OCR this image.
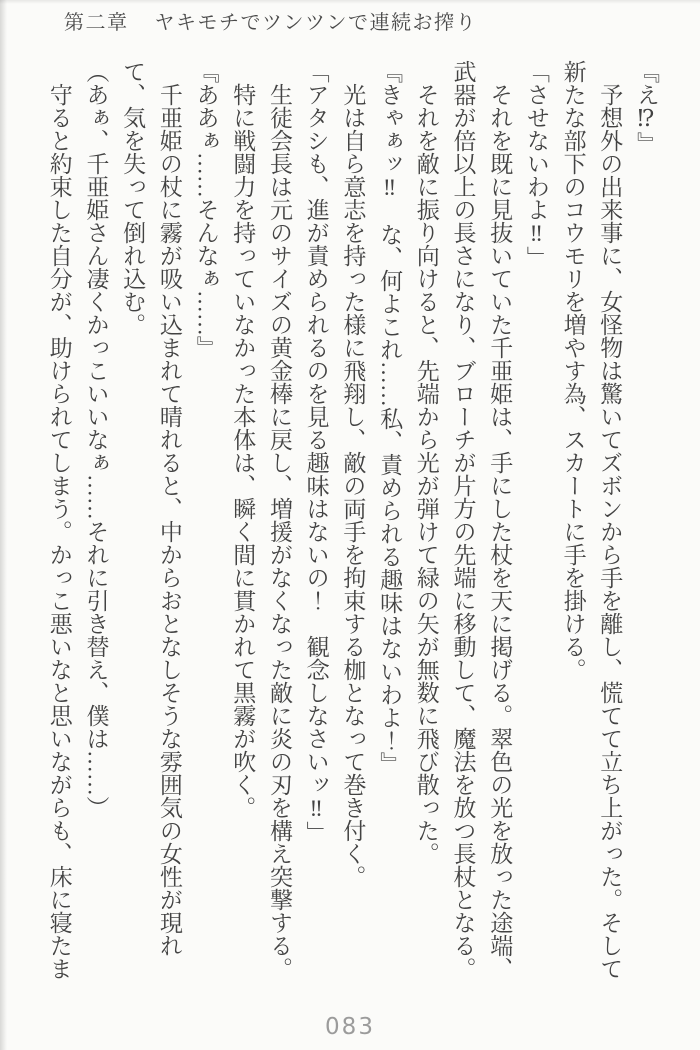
第二章 ヤキモチでツンツンで連続お搾り

『え⁉』

　予想外の出来事に、女怪物は驚いてズボンから手を離し、慌てて立ち上がった。そして新たな部下のコウモリを増やす為、スカートに手を掛ける。

「させないわよ‼」

　それを既に見抜いていた千亜姫は、手にした杖を天に掲げる。翠色の光を放った途端、武器が倍以上の長さになり、ブローチが片方の先端に移動して、魔法を放つ長杖となる。

　それを敵に振り向けると、先端から光が弾けて緑の矢が無数に飛び散った。

『きゃぁッ‼　な、何よこれ……私、責められる趣味はないわよ！』

　光は自ら意志を持った様に飛翔し、敵の両手を拘束する枷となって巻き付く。

「アタシも、進が責められるのを見る趣味はないの！　観念しなさいッ‼」

　生徒会長は元のサイズの黄金棒に戻し、増援がなくなった敵に炎の刃を構え突撃する。

　特に戦闘力を持っていなかった本体は、瞬く間に貫かれて黒霧が吹く。

『ああぁ……そんなぁ……』

　千亜姫の杖に霧が吸い込まれて晴れると、中からおとなしそうな雰囲気の女性が現れて、気を失って倒れ込む。

（あぁ、千亜姫さん凄くかっこいいなぁ……それに引き替え、僕は……）

　守ると約束した自分が、助けられてしまう。かっこ悪いなと思いながらも、床に寝たま

083
